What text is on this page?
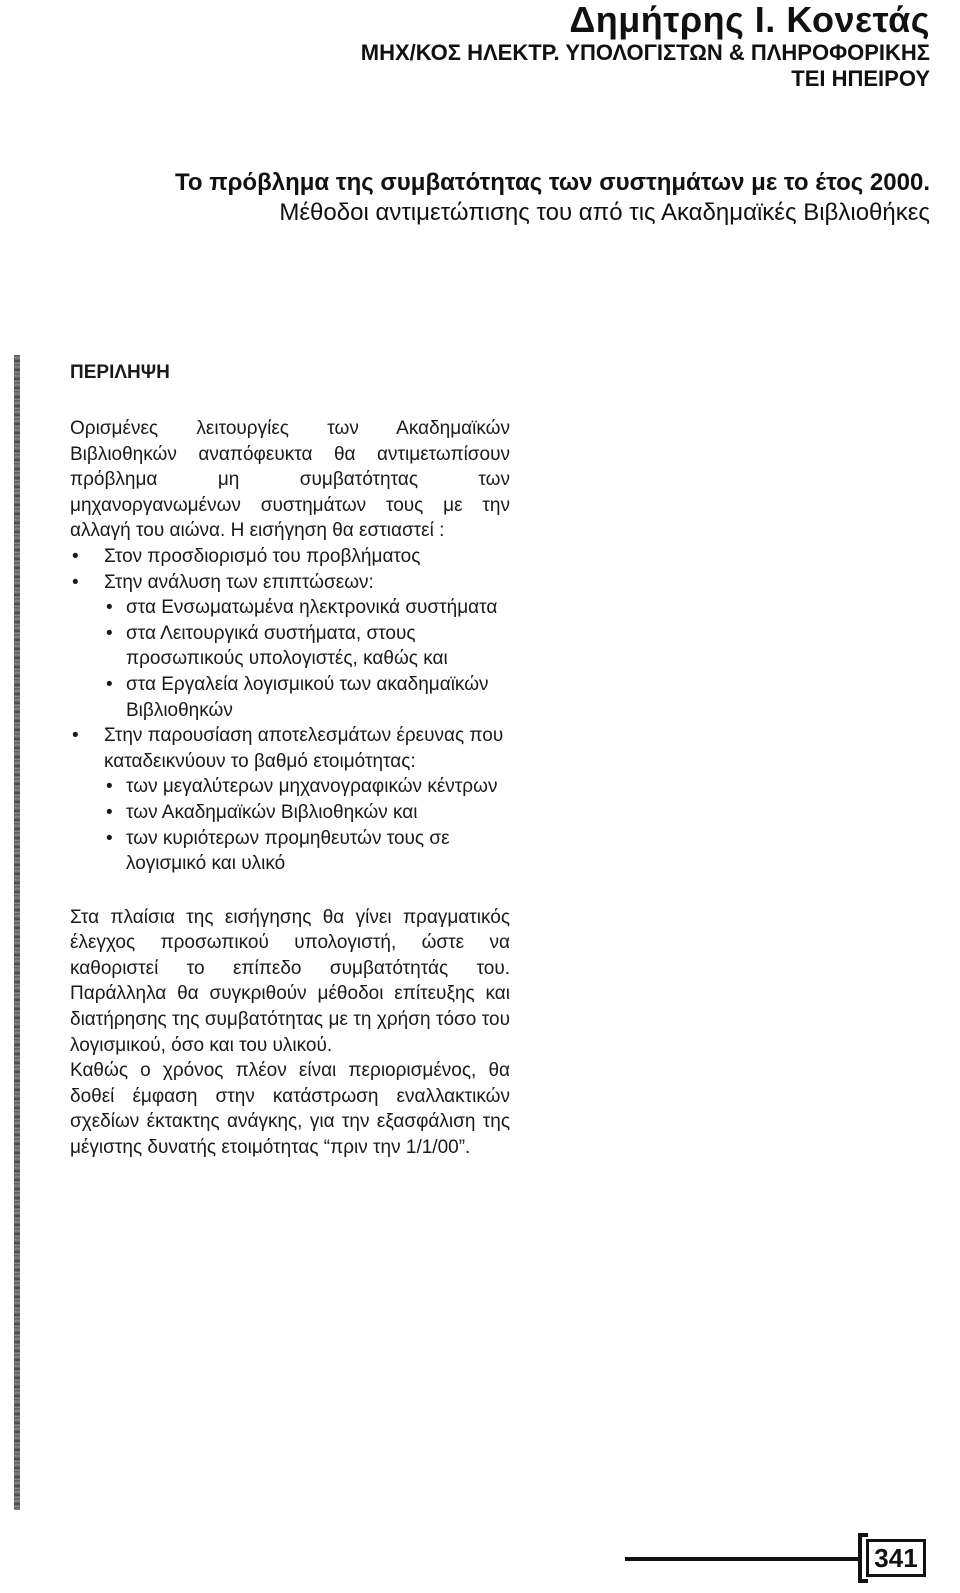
Δημήτρης Ι. Κονετάς

ΜΗΧ/ΚΟΣ ΗΛΕΚΤΡ. ΥΠΟΛΟΓΙΣΤΩΝ & ΠΛΗΡΟΦΟΡΙΚΗΣ

ΤΕΙ ΗΠΕΙΡΟΥ

Το πρόβλημα της συμβατότητας των συστημάτων με το έτος 2000.
Μέθοδοι αντιμετώπισης του από τις Ακαδημαϊκές Βιβλιοθήκες

ΠΕΡΙΛΗΨΗ

Ορισμένες λειτουργίες των Ακαδημαϊκών Βιβλιοθηκών αναπόφευκτα θα αντιμετωπίσουν πρόβλημα μη συμβατότητας των μηχανοργανωμένων συστημάτων τους με την αλλαγή του αιώνα. Η εισήγηση θα εστιαστεί :

• Στον προσδιορισμό του προβλήματος
• Στην ανάλυση των επιπτώσεων:
• στα Ενσωματωμένα ηλεκτρονικά συστήματα
• στα Λειτουργικά συστήματα, στους προσωπικούς υπολογιστές, καθώς και
• στα Εργαλεία λογισμικού των ακαδημαϊκών Βιβλιοθηκών
• Στην παρουσίαση αποτελεσμάτων έρευνας που καταδεικνύουν το βαθμό ετοιμότητας:
• των μεγαλύτερων μηχανογραφικών κέντρων
• των Ακαδημαϊκών Βιβλιοθηκών και
• των κυριότερων προμηθευτών τους σε λογισμικό και υλικό

Στα πλαίσια της εισήγησης θα γίνει πραγματικός έλεγχος προσωπικού υπολογιστή, ώστε να καθοριστεί το επίπεδο συμβατότητάς του. Παράλληλα θα συγκριθούν μέθοδοι επίτευξης και διατήρησης της συμβατότητας με τη χρήση τόσο του λογισμικού, όσο και του υλικού.

Καθώς ο χρόνος πλέον είναι περιορισμένος, θα δοθεί έμφαση στην κατάστρωση εναλλακτικών σχεδίων έκτακτης ανάγκης, για την εξασφάλιση της μέγιστης δυνατής ετοιμότητας “πριν την 1/1/00”.

341
